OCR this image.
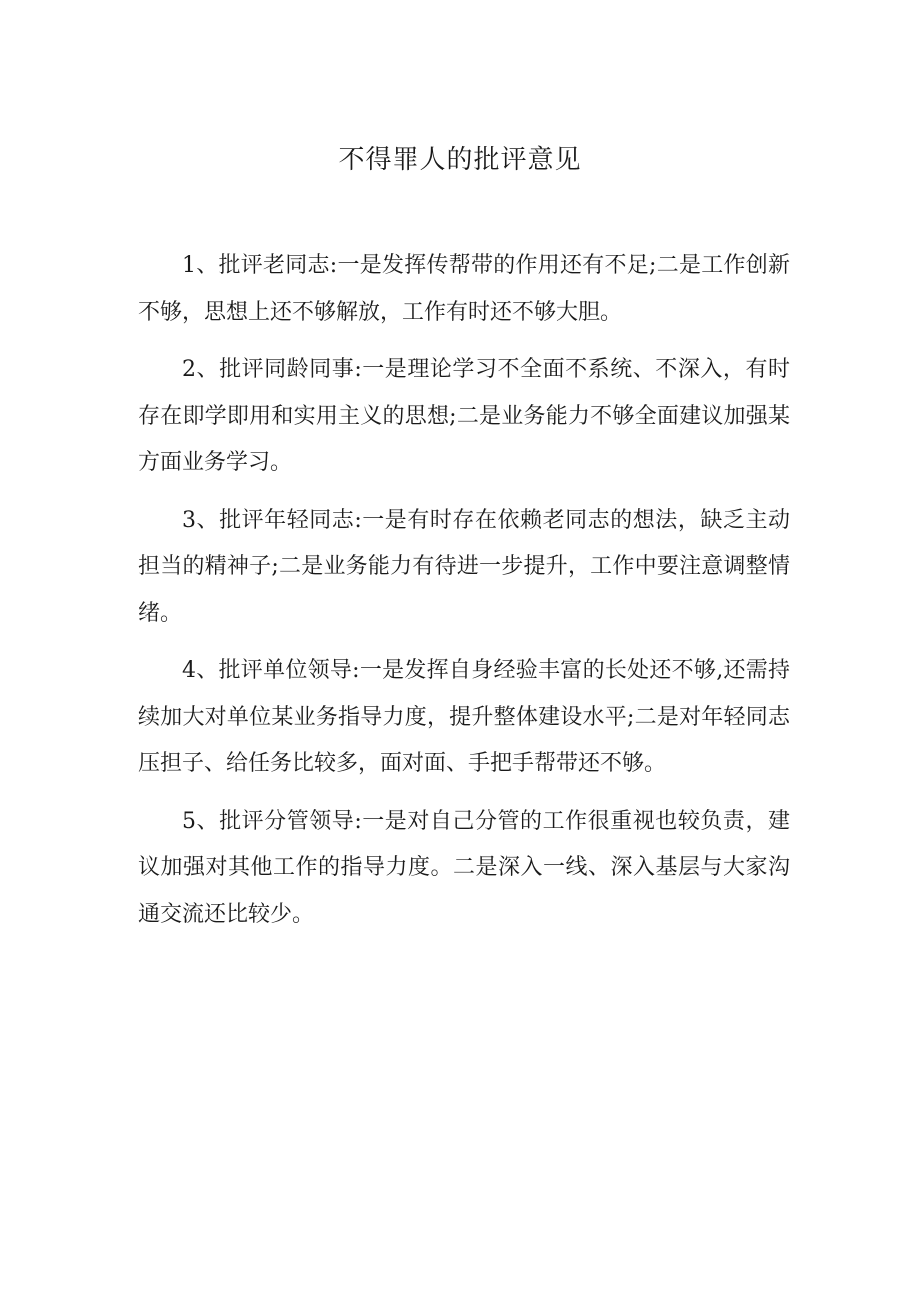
不得罪人的批评意见

1、批评老同志:一是发挥传帮带的作用还有不足;二是工作创新不够，思想上还不够解放，工作有时还不够大胆。

2、批评同龄同事:一是理论学习不全面不系统、不深入，有时存在即学即用和实用主义的思想;二是业务能力不够全面建议加强某方面业务学习。

3、批评年轻同志:一是有时存在依赖老同志的想法，缺乏主动担当的精神子;二是业务能力有待进一步提升，工作中要注意调整情绪。

4、批评单位领导:一是发挥自身经验丰富的长处还不够,还需持续加大对单位某业务指导力度，提升整体建设水平;二是对年轻同志压担子、给任务比较多，面对面、手把手帮带还不够。

5、批评分管领导:一是对自己分管的工作很重视也较负责，建议加强对其他工作的指导力度。二是深入一线、深入基层与大家沟通交流还比较少。
